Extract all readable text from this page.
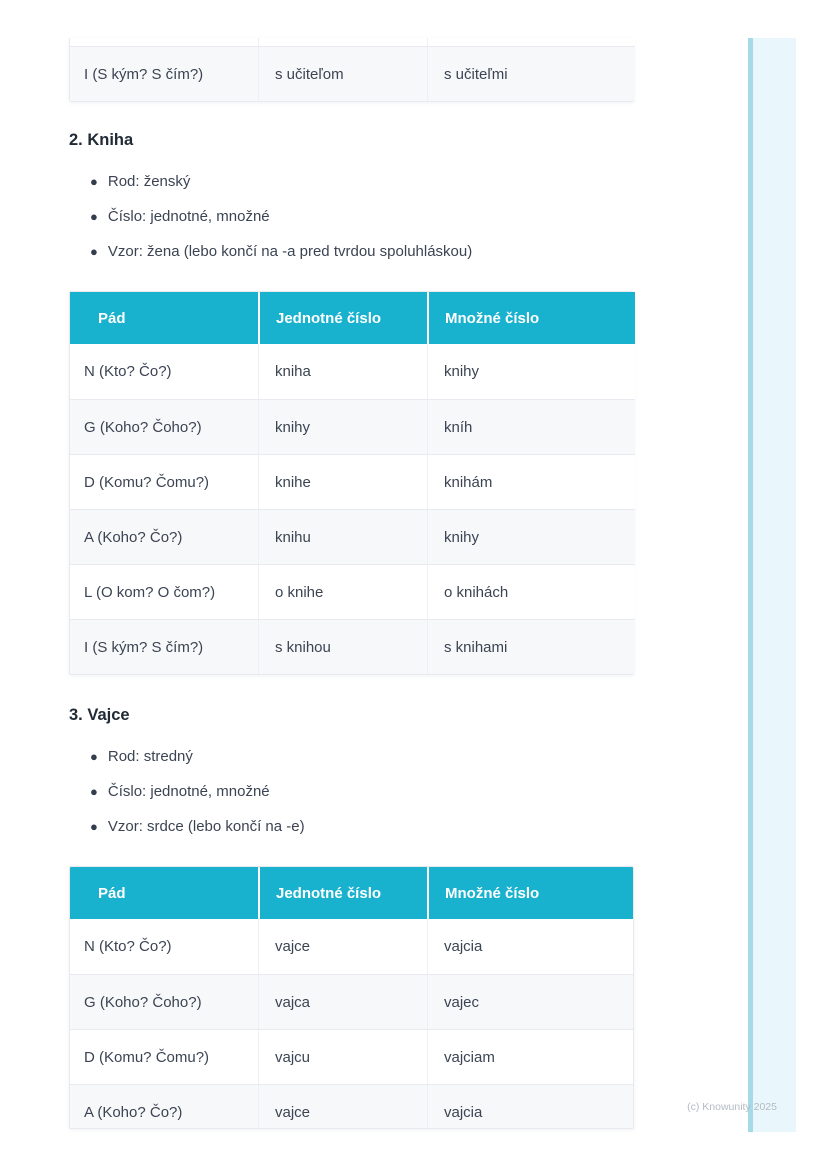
I (S kým? S čím?)	s učiteľom	s učiteľmi
2. Kniha
● Rod: ženský
● Číslo: jednotné, množné
● Vzor: žena (lebo končí na -a pred tvrdou spoluhláskou)
Pád	Jednotné číslo	Množné číslo
N (Kto? Čo?)	kniha	knihy
G (Koho? Čoho?)	knihy	kníh
D (Komu? Čomu?)	knihe	knihám
A (Koho? Čo?)	knihu	knihy
L (O kom? O čom?)	o knihe	o knihách
I (S kým? S čím?)	s knihou	s knihami
3. Vajce
● Rod: stredný
● Číslo: jednotné, množné
● Vzor: srdce (lebo končí na -e)
Pád	Jednotné číslo	Množné číslo
N (Kto? Čo?)	vajce	vajcia
G (Koho? Čoho?)	vajca	vajec
D (Komu? Čomu?)	vajcu	vajciam
A (Koho? Čo?)	vajce	vajcia	(c) Knowunity 2025
